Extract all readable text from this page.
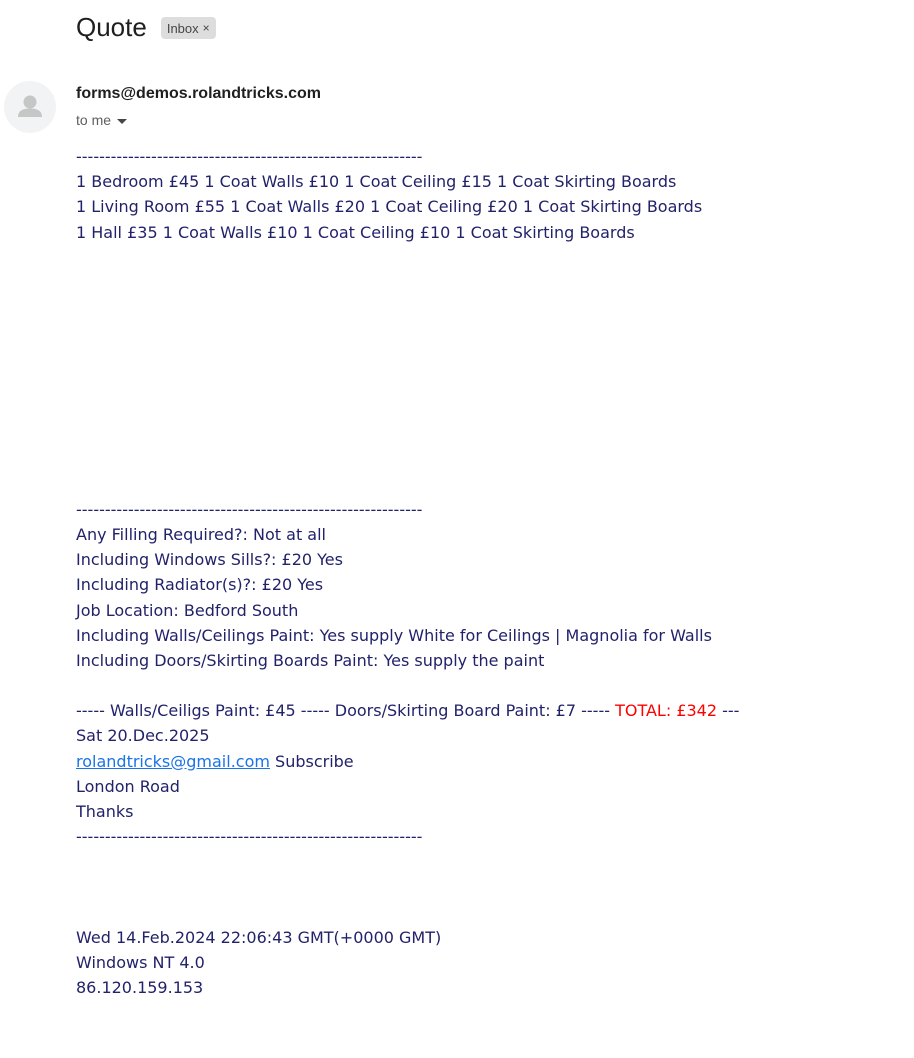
Quote Inbox ×
forms@demos.rolandtricks.com
to me
------------------------------------------------------------
1 Bedroom £45 1 Coat Walls £10 1 Coat Ceiling £15 1 Coat Skirting Boards
1 Living Room £55 1 Coat Walls £20 1 Coat Ceiling £20 1 Coat Skirting Boards
1 Hall £35 1 Coat Walls £10 1 Coat Ceiling £10 1 Coat Skirting Boards
------------------------------------------------------------
Any Filling Required?: Not at all
Including Windows Sills?: £20 Yes
Including Radiator(s)?: £20 Yes
Job Location: Bedford South
Including Walls/Ceilings Paint: Yes supply White for Ceilings | Magnolia for Walls
Including Doors/Skirting Boards Paint: Yes supply the paint
----- Walls/Ceiligs Paint: £45 ----- Doors/Skirting Board Paint: £7 ----- TOTAL: £342 ---
Sat 20.Dec.2025
rolandtricks@gmail.com Subscribe
London Road
Thanks
------------------------------------------------------------
Wed 14.Feb.2024 22:06:43 GMT(+0000 GMT)
Windows NT 4.0
86.120.159.153
